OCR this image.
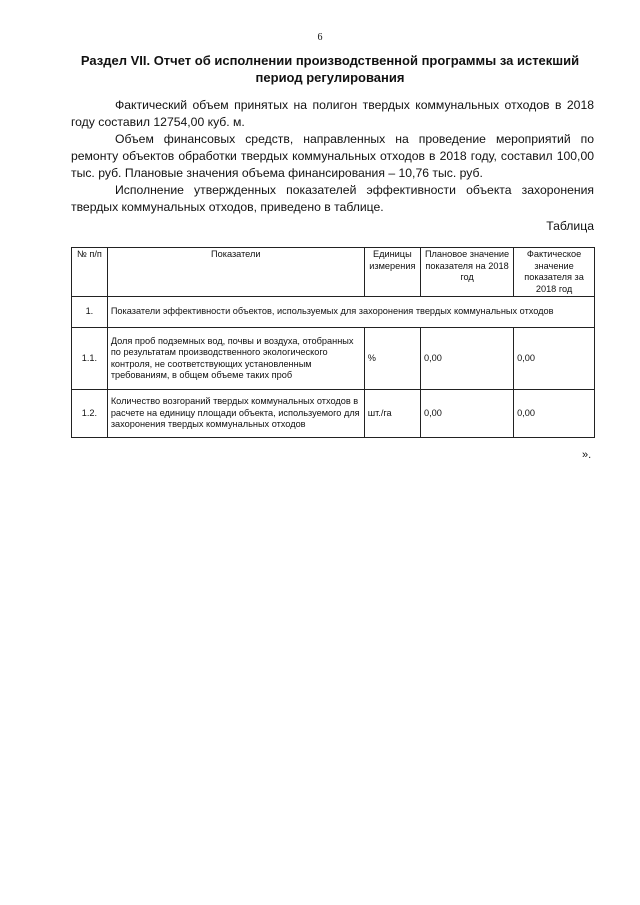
6
Раздел VII. Отчет об исполнении производственной программы за истекший период регулирования

Фактический объем принятых на полигон твердых коммунальных отходов в 2018 году составил 12754,00 куб. м.

Объем финансовых средств, направленных на проведение мероприятий по ремонту объектов обработки твердых коммунальных отходов в 2018 году, составил 100,00 тыс. руб. Плановые значения объема финансирования – 10,76 тыс. руб.

Исполнение утвержденных показателей эффективности объекта захоронения твердых коммунальных отходов, приведено в таблице.

Таблица
№ п/п	Показатели	Единицы измерения	Плановое значение показателя на 2018 год	Фактическое значение показателя за 2018 год
1.	Показатели эффективности объектов, используемых для захоронения твердых коммунальных отходов			
1.1.	Доля проб подземных вод, почвы и воздуха, отобранных по результатам производственного экологического контроля, не соответствующих установленным требованиям, в общем объеме таких проб	%	0,00	0,00
1.2.	Количество возгораний твердых коммунальных отходов в расчете на единицу площади объекта, используемого для захоронения твердых коммунальных отходов	шт./га	0,00	0,00
».
